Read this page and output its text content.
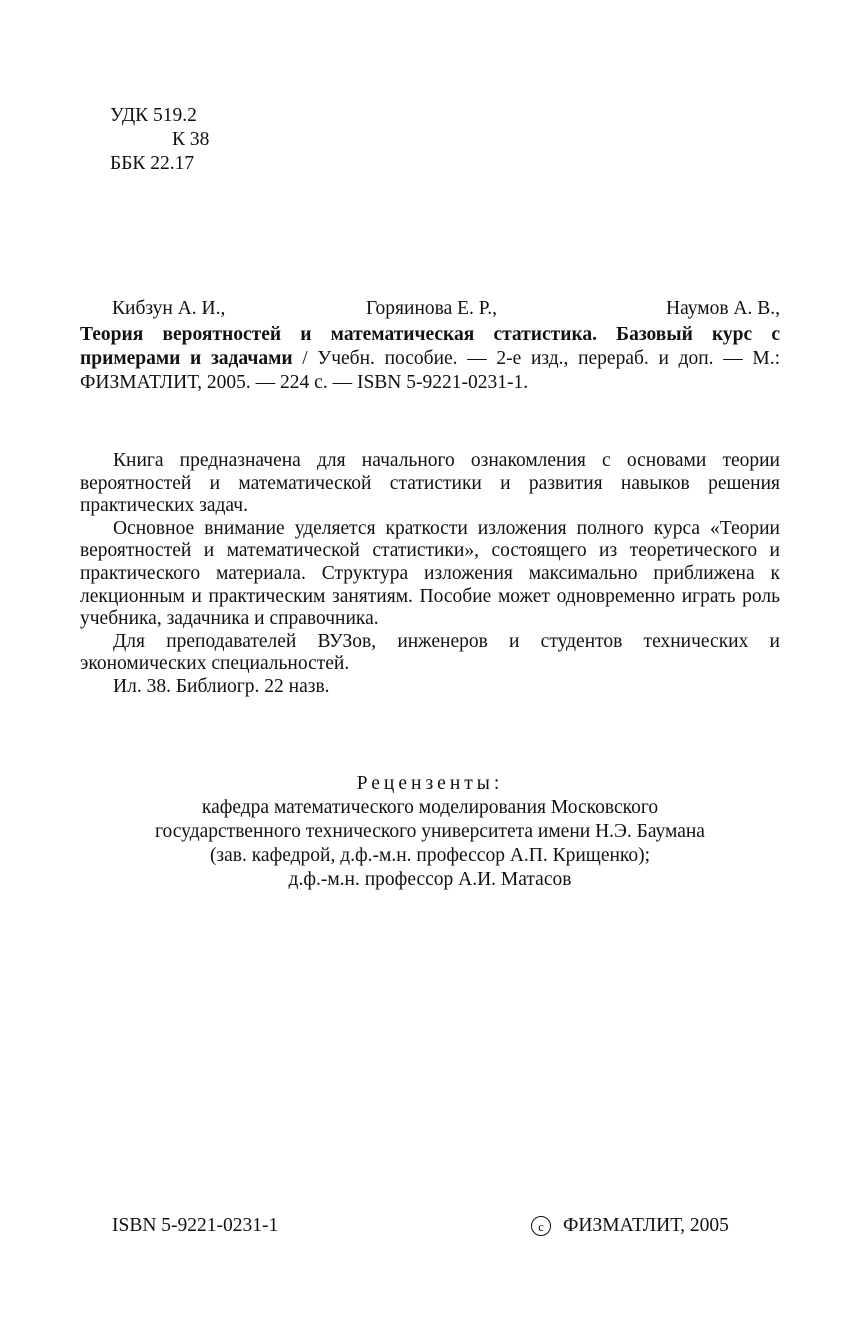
УДК 519.2
К 38
ББК 22.17
Кибзун А. И.,	Горяинова Е. Р.,	Наумов А. В.,
Теория вероятностей и математическая статистика. Базовый курс с примерами и задачами / Учебн. пособие. — 2-е изд., перераб. и доп. — М.: ФИЗМАТЛИТ, 2005. — 224 с. — ISBN 5-9221-0231-1.

Книга предназначена для начального ознакомления с основами теории вероятностей и математической статистики и развития навыков решения практических задач.

Основное внимание уделяется краткости изложения полного курса «Теории вероятностей и математической статистики», состоящего из теоретического и практического материала. Структура изложения максимально приближена к лекционным и практическим занятиям. Пособие может одновременно играть роль учебника, задачника и справочника.

Для преподавателей ВУЗов, инженеров и студентов технических и экономических специальностей.

Ил. 38. Библиогр. 22 назв.

Рецензенты:
кафедра математического моделирования Московского
государственного технического университета имени Н.Э. Баумана
(зав. кафедрой, д.ф.-м.н. профессор А.П. Крищенко);
д.ф.-м.н. профессор А.И. Матасов
ISBN 5-9221-0231-1	c ФИЗМАТЛИТ, 2005
